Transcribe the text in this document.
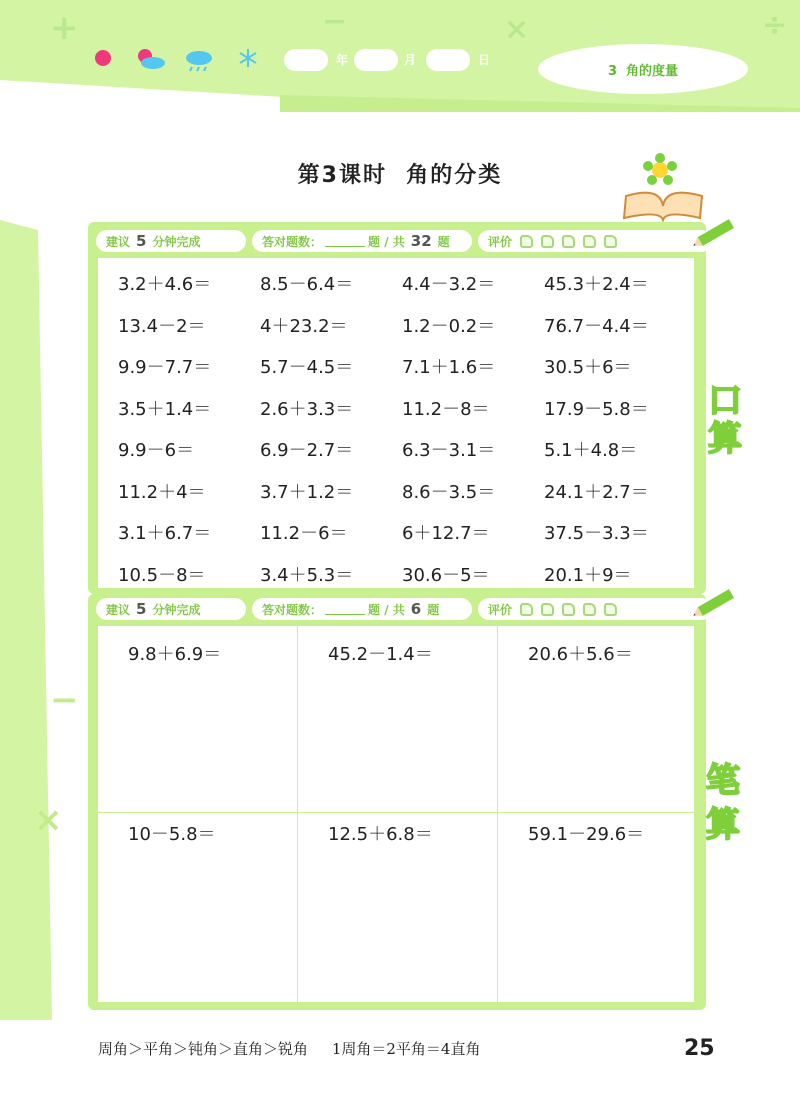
+	−	×	÷
年	月	日
3  角的度量
−
×
第3课时  角的分类
建议 5 分钟完成	答对题数：	题 / 共 32 题	评价
3.2＋4.6＝	8.5－6.4＝	4.4－3.2＝	45.3＋2.4＝
13.4－2＝	4＋23.2＝	1.2－0.2＝	76.7－4.4＝
9.9－7.7＝	5.7－4.5＝	7.1＋1.6＝	30.5＋6＝
3.5＋1.4＝	2.6＋3.3＝	11.2－8＝	17.9－5.8＝
9.9－6＝	6.9－2.7＝	6.3－3.1＝	5.1＋4.8＝
11.2＋4＝	3.7＋1.2＝	8.6－3.5＝	24.1＋2.7＝
3.1＋6.7＝	11.2－6＝	6＋12.7＝	37.5－3.3＝
10.5－8＝	3.4＋5.3＝	30.6－5＝	20.1＋9＝
口
算
建议 5 分钟完成	答对题数：	题 / 共 6 题	评价
9.8＋6.9＝	45.2－1.4＝	20.6＋5.6＝
10－5.8＝	12.5＋6.8＝	59.1－29.6＝
笔
算
周角＞平角＞钝角＞直角＞锐角     1周角＝2平角＝4直角	25
